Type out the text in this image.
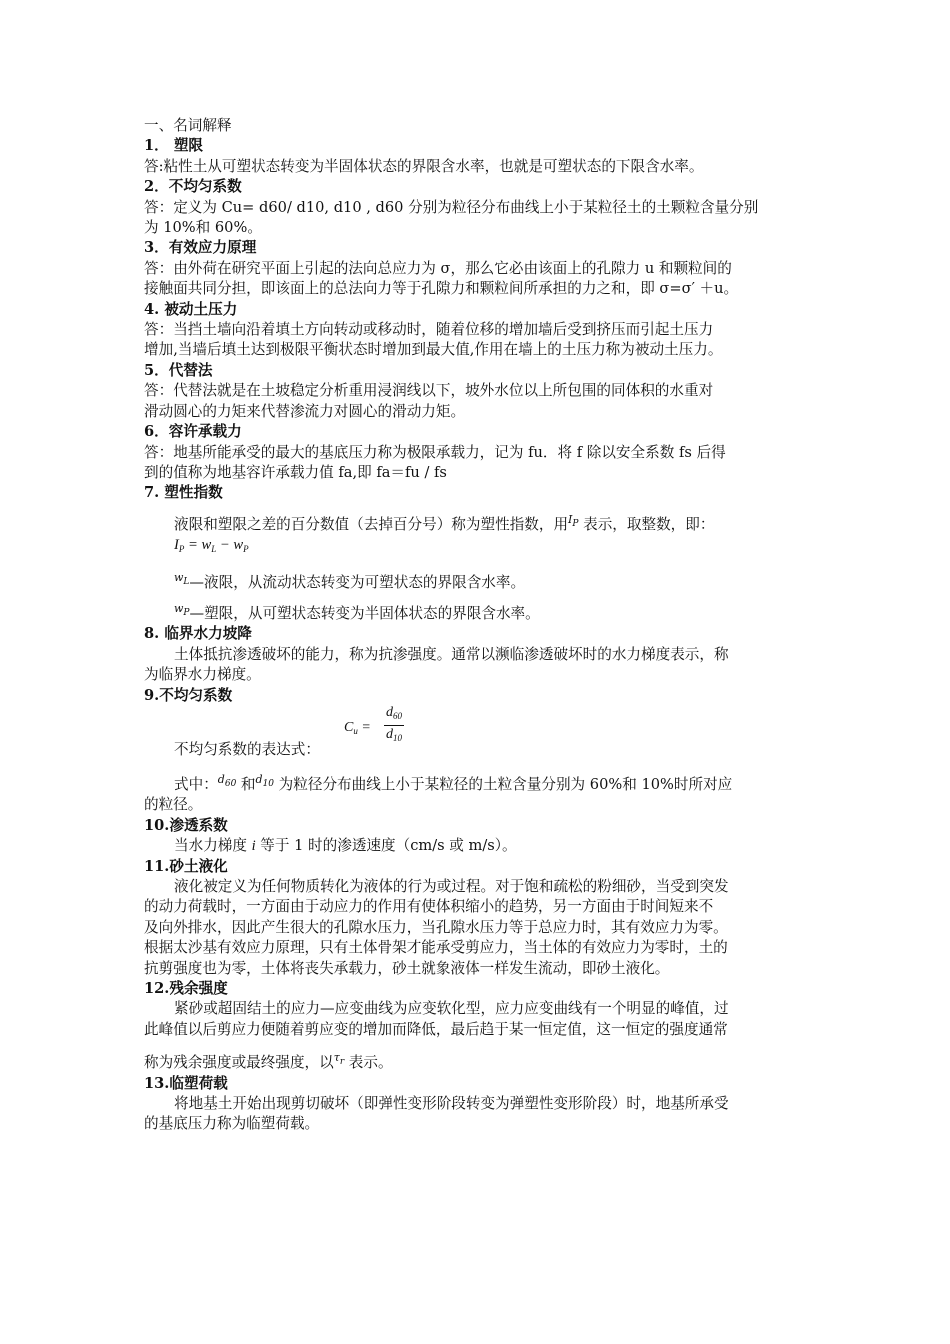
一、名词解释
1． 塑限
答:粘性土从可塑状态转变为半固体状态的界限含水率，也就是可塑状态的下限含水率。
2．不均匀系数
答：定义为 Cu= d60/ d10, d10 , d60 分别为粒径分布曲线上小于某粒径土的土颗粒含量分别
为 10%和 60%。
3．有效应力原理
答：由外荷在研究平面上引起的法向总应力为 σ，那么它必由该面上的孔隙力 u 和颗粒间的
接触面共同分担，即该面上的总法向力等于孔隙力和颗粒间所承担的力之和，即 σ=σ′ ＋u。
4. 被动土压力
答：当挡土墙向沿着填土方向转动或移动时，随着位移的增加墙后受到挤压而引起土压力
增加,当墙后填土达到极限平衡状态时增加到最大值,作用在墙上的土压力称为被动土压力。
5．代替法
答：代替法就是在土坡稳定分析重用浸润线以下，坡外水位以上所包围的同体积的水重对
滑动圆心的力矩来代替渗流力对圆心的滑动力矩。
6．容许承载力
答：地基所能承受的最大的基底压力称为极限承载力，记为 fu．将 f 除以安全系数 fs 后得
到的值称为地基容许承载力值 fa,即 fa＝fu / fs
7. 塑性指数
液限和塑限之差的百分数值（去掉百分号）称为塑性指数，用$^{I_P}$ 表示，取整数，即：
$I_P = w_L - w_P$
$^{w_L}$—液限，从流动状态转变为可塑状态的界限含水率。
$^{w_P}$—塑限，从可塑状态转变为半固体状态的界限含水率。
8. 临界水力坡降
土体抵抗渗透破坏的能力，称为抗渗强度。通常以濒临渗透破坏时的水力梯度表示，称
为临界水力梯度。
9.不均匀系数
$C_u = \frac{d_{60}}{d_{10}}$
不均匀系数的表达式：
式中：$^{d_{60}}$ 和$^{d_{10}}$ 为粒径分布曲线上小于某粒径的土粒含量分别为 60%和 10%时所对应
的粒径。
10.渗透系数
当水力梯度 i 等于 1 时的渗透速度（cm/s 或 m/s）。
11.砂土液化
液化被定义为任何物质转化为液体的行为或过程。对于饱和疏松的粉细砂，当受到突发
的动力荷载时，一方面由于动应力的作用有使体积缩小的趋势，另一方面由于时间短来不
及向外排水，因此产生很大的孔隙水压力，当孔隙水压力等于总应力时，其有效应力为零。
根据太沙基有效应力原理，只有土体骨架才能承受剪应力，当土体的有效应力为零时，土的
抗剪强度也为零，土体将丧失承载力，砂土就象液体一样发生流动，即砂土液化。
12.残余强度
紧砂或超固结土的应力—应变曲线为应变软化型，应力应变曲线有一个明显的峰值，过
此峰值以后剪应力便随着剪应变的增加而降低，最后趋于某一恒定值，这一恒定的强度通常
称为残余强度或最终强度，以$^{\tau_r}$ 表示。
13.临塑荷载
将地基土开始出现剪切破坏（即弹性变形阶段转变为弹塑性变形阶段）时，地基所承受
的基底压力称为临塑荷载。
